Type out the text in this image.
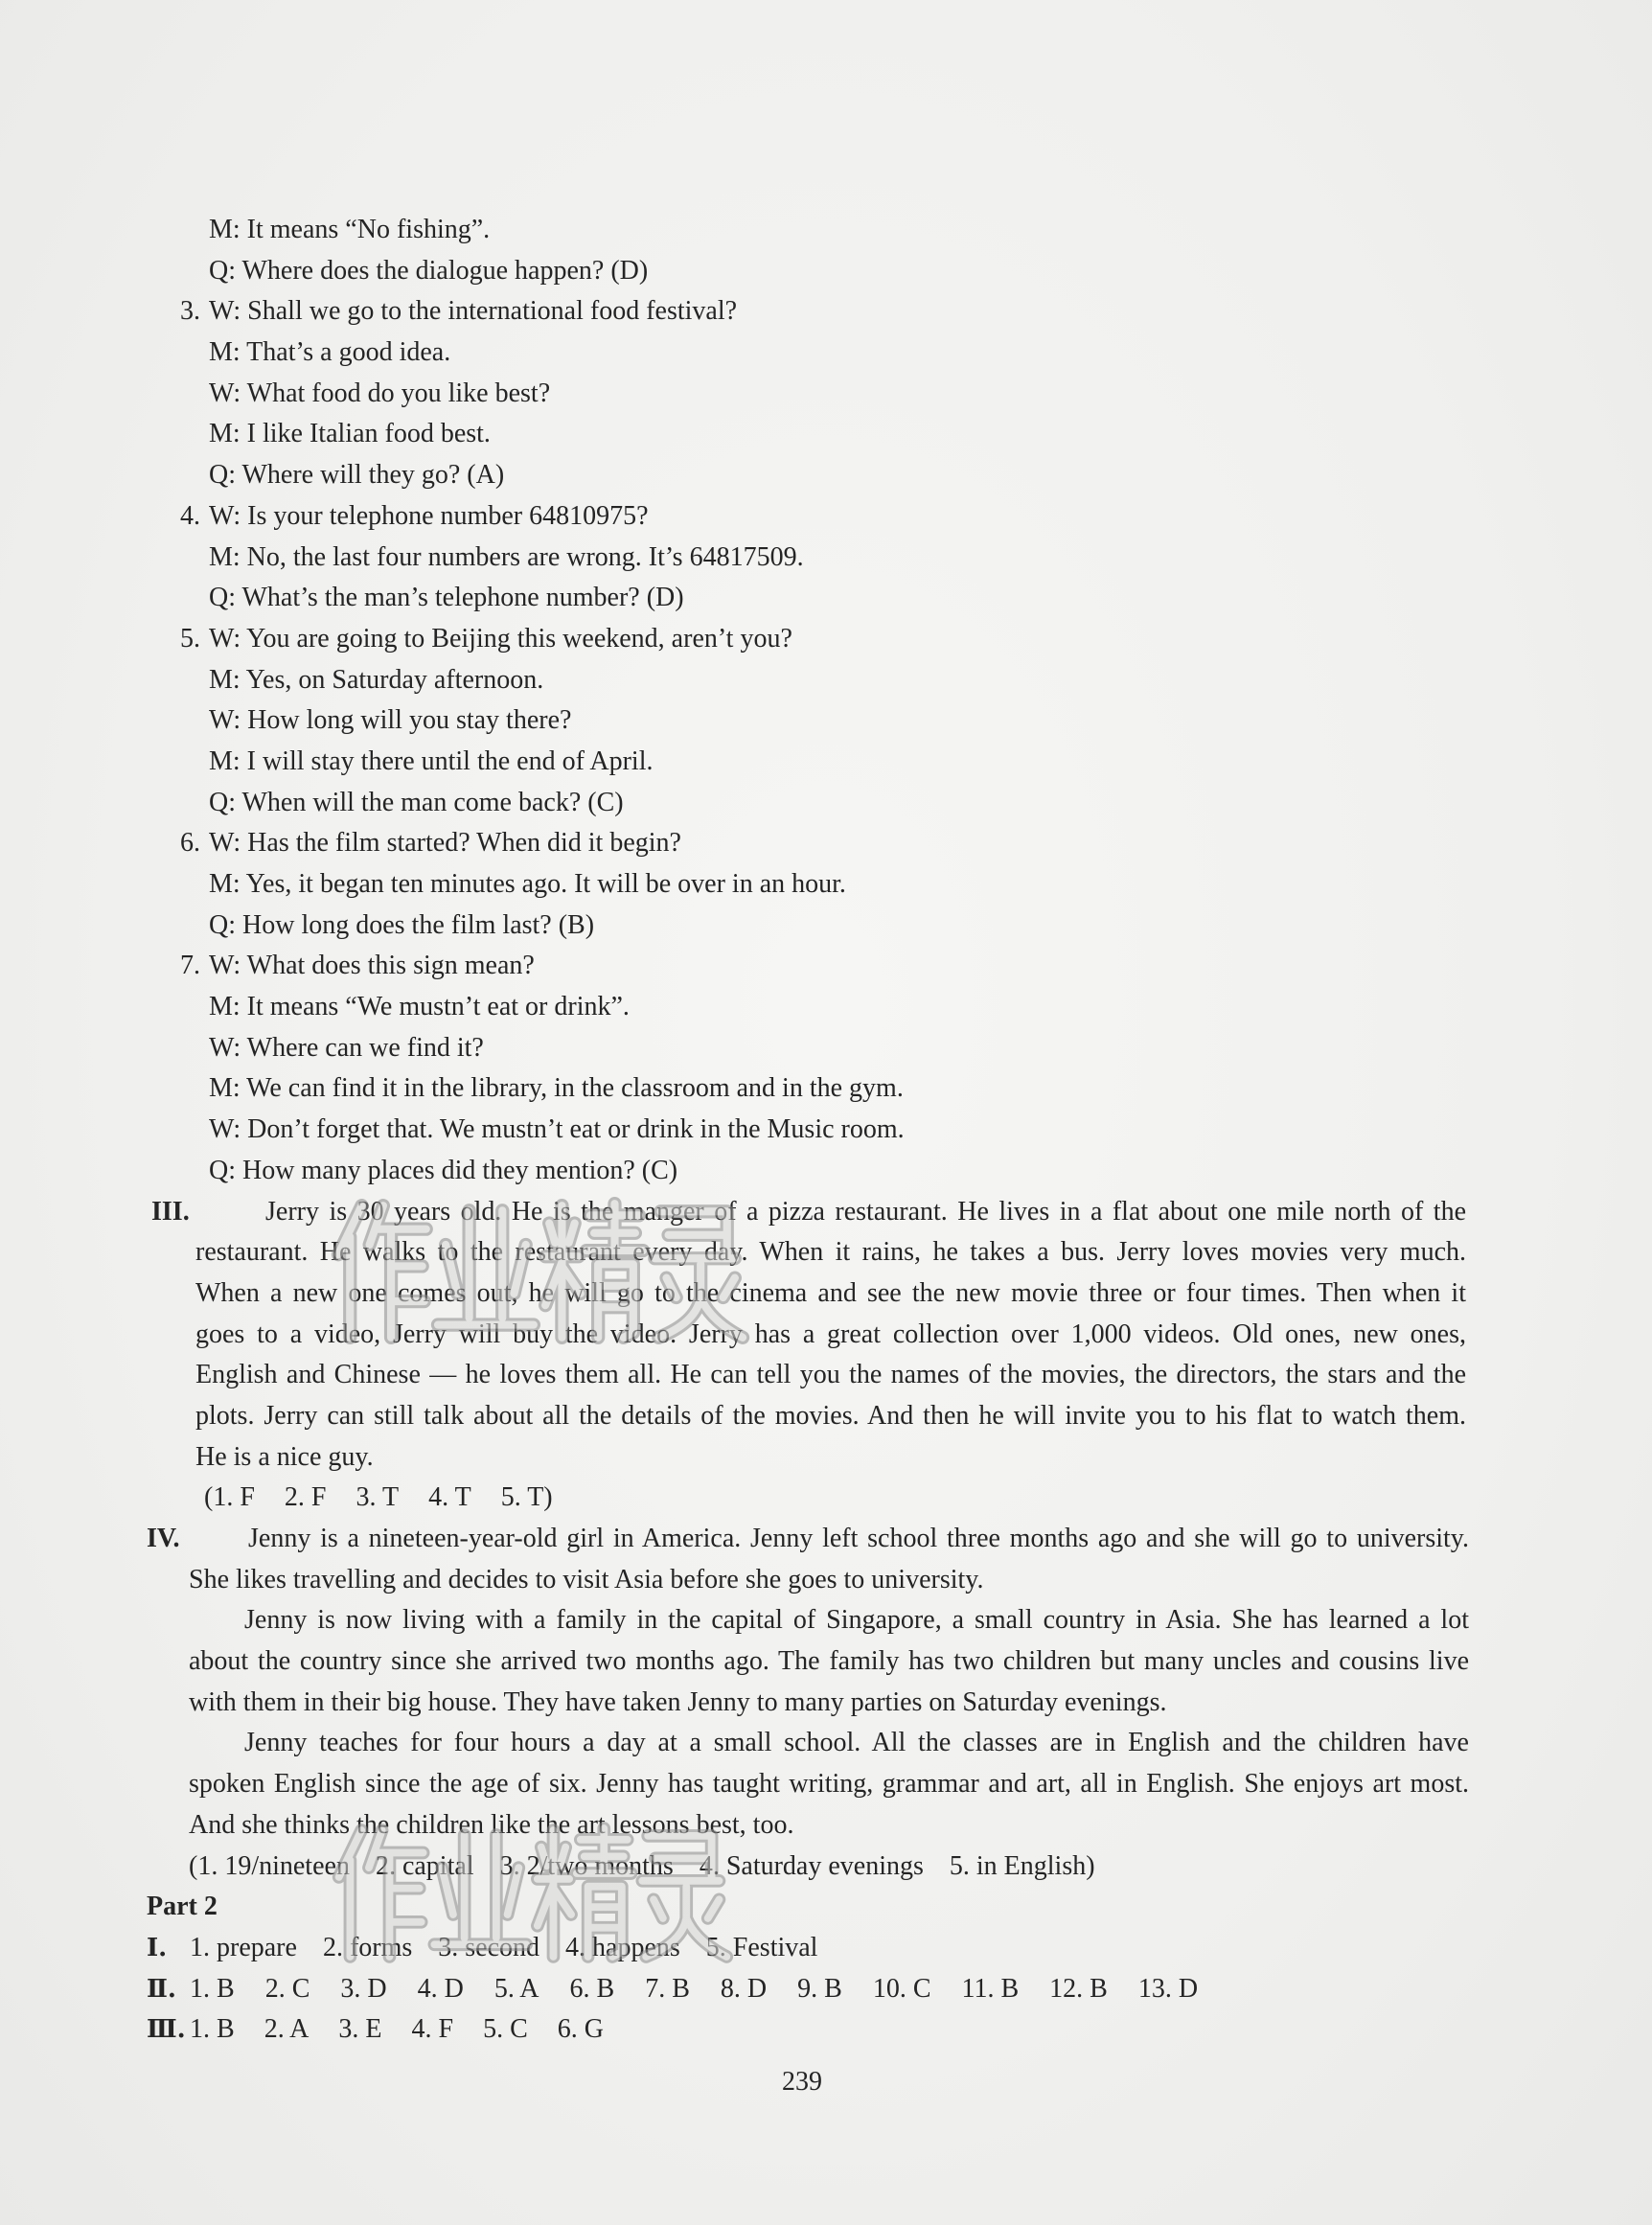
M: It means “No fishing”.
Q: Where does the dialogue happen? (D)
3. W: Shall we go to the international food festival?
M: That’s a good idea.
W: What food do you like best?
M: I like Italian food best.
Q: Where will they go? (A)
4. W: Is your telephone number 64810975?
M: No, the last four numbers are wrong. It’s 64817509.
Q: What’s the man’s telephone number? (D)
5. W: You are going to Beijing this weekend, aren’t you?
M: Yes, on Saturday afternoon.
W: How long will you stay there?
M: I will stay there until the end of April.
Q: When will the man come back? (C)
6. W: Has the film started? When did it begin?
M: Yes, it began ten minutes ago. It will be over in an hour.
Q: How long does the film last? (B)
7. W: What does this sign mean?
M: It means “We mustn’t eat or drink”.
W: Where can we find it?
M: We can find it in the library, in the classroom and in the gym.
W: Don’t forget that. We mustn’t eat or drink in the Music room.
Q: How many places did they mention? (C)
III.	Jerry is 30 years old. He is the manger of a pizza restaurant. He lives in a flat about one mile north of the
restaurant. He walks to the restaurant every day. When it rains, he takes a bus. Jerry loves movies very much.
When a new one comes out, he will go to the cinema and see the new movie three or four times. Then when it
goes to a video, Jerry will buy the video. Jerry has a great collection over 1,000 videos. Old ones, new ones,
English and Chinese — he loves them all. He can tell you the names of the movies, the directors, the stars and the
plots. Jerry can still talk about all the details of the movies. And then he will invite you to his flat to watch them.
He is a nice guy.
(1. F 2. F 3. T 4. T 5. T)
IV.	Jenny is a nineteen-year-old girl in America. Jenny left school three months ago and she will go to university.
She likes travelling and decides to visit Asia before she goes to university.
Jenny is now living with a family in the capital of Singapore, a small country in Asia. She has learned a lot
about the country since she arrived two months ago. The family has two children but many uncles and cousins live
with them in their big house. They have taken Jenny to many parties on Saturday evenings.
Jenny teaches for four hours a day at a small school. All the classes are in English and the children have
spoken English since the age of six. Jenny has taught writing, grammar and art, all in English. She enjoys art most.
And she thinks the children like the art lessons best, too.
(1. 19/nineteen 2. capital 3. 2/two months 4. Saturday evenings 5. in English)
Part 2
Ⅰ. 1. prepare 2. forms 3. second 4. happens 5. Festival
Ⅱ. 1. B 2. C 3. D 4. D 5. A 6. B 7. B 8. D 9. B 10. C 11. B 12. B 13. D
Ⅲ. 1. B 2. A 3. E 4. F 5. C 6. G
239
